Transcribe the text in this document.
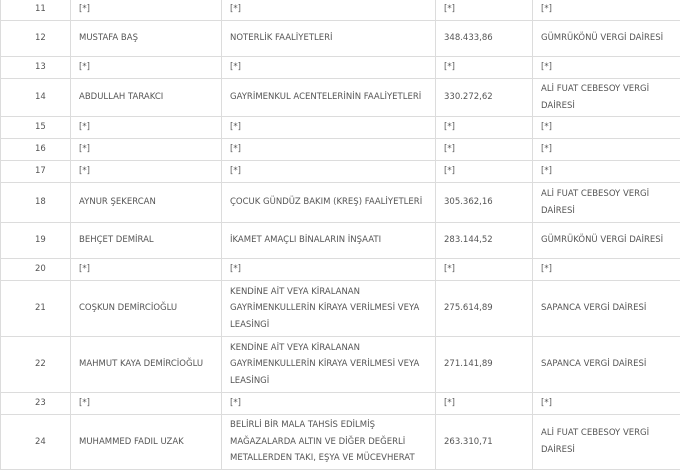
11	[*]	[*]	[*]	[*]
12	MUSTAFA BAŞ	NOTERLİK FAALİYETLERİ	348.433,86	GÜMRÜKÖNÜ VERGİ DAİRESİ
13	[*]	[*]	[*]	[*]
14	ABDULLAH TARAKCI	GAYRİMENKUL ACENTELERİNİN FAALİYETLERİ	330.272,62	ALİ FUAT CEBESOY VERGİ DAİRESİ
15	[*]	[*]	[*]	[*]
16	[*]	[*]	[*]	[*]
17	[*]	[*]	[*]	[*]
18	AYNUR ŞEKERCAN	ÇOCUK GÜNDÜZ BAKIM (KREŞ) FAALİYETLERİ	305.362,16	ALİ FUAT CEBESOY VERGİ DAİRESİ
19	BEHÇET DEMİRAL	İKAMET AMAÇLI BİNALARIN İNŞAATI	283.144,52	GÜMRÜKÖNÜ VERGİ DAİRESİ
20	[*]	[*]	[*]	[*]
21	COŞKUN DEMİRCİOĞLU	KENDİNE AİT VEYA KİRALANAN GAYRİMENKULLERİN KİRAYA VERİLMESİ VEYA LEASİNGİ	275.614,89	SAPANCA VERGİ DAİRESİ
22	MAHMUT KAYA DEMİRCİOĞLU	KENDİNE AİT VEYA KİRALANAN GAYRİMENKULLERİN KİRAYA VERİLMESİ VEYA LEASİNGİ	271.141,89	SAPANCA VERGİ DAİRESİ
23	[*]	[*]	[*]	[*]
24	MUHAMMED FADIL UZAK	BELİRLİ BİR MALA TAHSİS EDİLMİŞ MAĞAZALARDA ALTIN VE DİĞER DEĞERLİ METALLERDEN TAKI, EŞYA VE MÜCEVHERAT	263.310,71	ALİ FUAT CEBESOY VERGİ DAİRESİ
